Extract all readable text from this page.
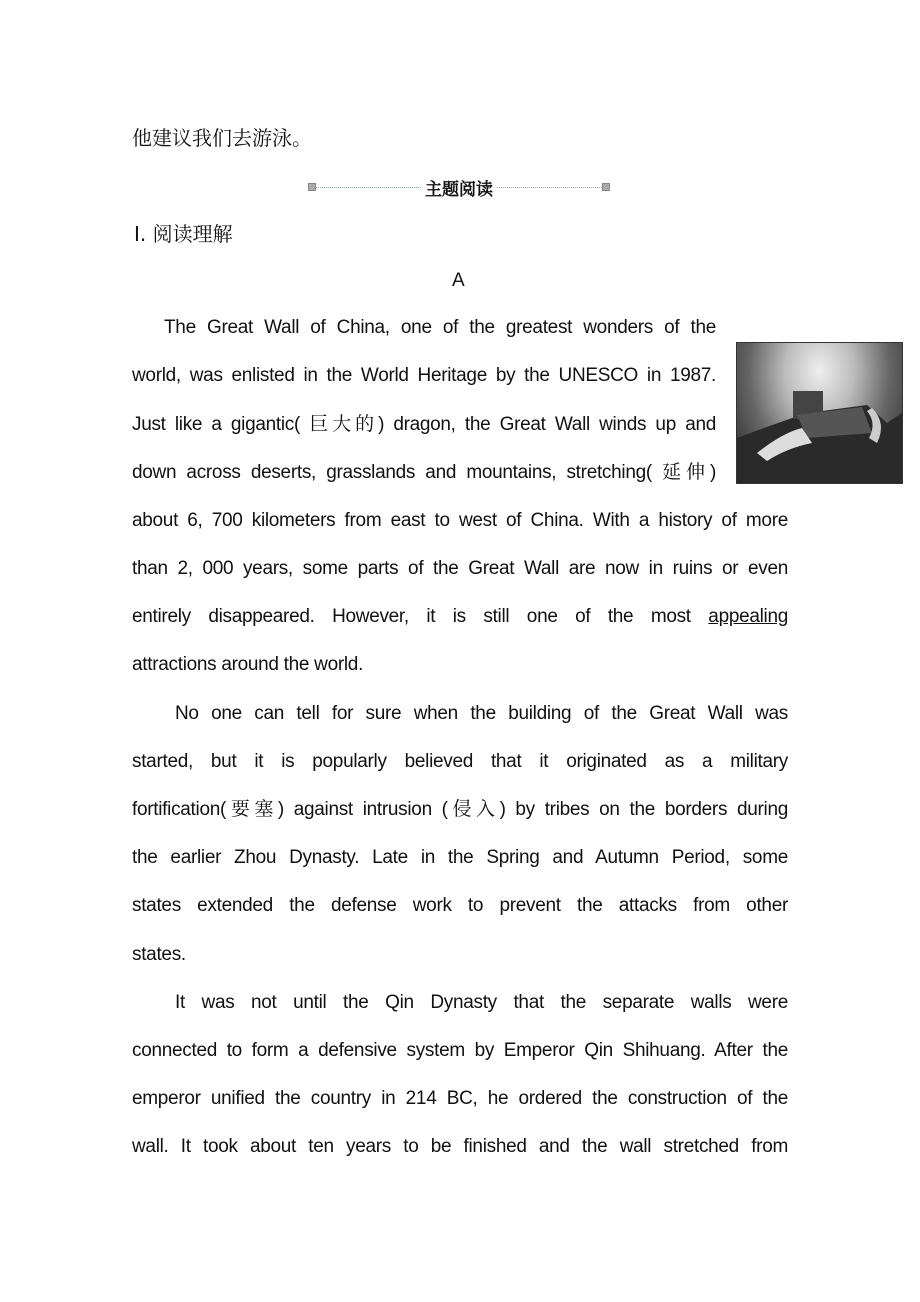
他建议我们去游泳。
主题阅读
Ⅰ. 阅读理解
A
The Great Wall of China, one of the greatest wonders of the
world, was enlisted in the World Heritage by the UNESCO in 1987.
Just like a gigantic( 巨大的) dragon, the Great Wall winds up and
down across deserts, grasslands and mountains, stretching( 延伸)
about 6, 700 kilometers from east to west of China. With a history of more
than 2, 000 years, some parts of the Great Wall are now in ruins or even
entirely disappeared. However, it is still one of the most appealing
attractions around the world.
No one can tell for sure when the building of the Great Wall was
started, but it is popularly believed that it originated as a military
fortification(要塞) against intrusion (侵入) by tribes on the borders during
the earlier Zhou Dynasty. Late in the Spring and Autumn Period, some
states extended the defense work to prevent the attacks from other
states.
It was not until the Qin Dynasty that the separate walls were
connected to form a defensive system by Emperor Qin Shihuang. After the
emperor unified the country in 214 BC, he ordered the construction of the
wall. It took about ten years to be finished and the wall stretched from
